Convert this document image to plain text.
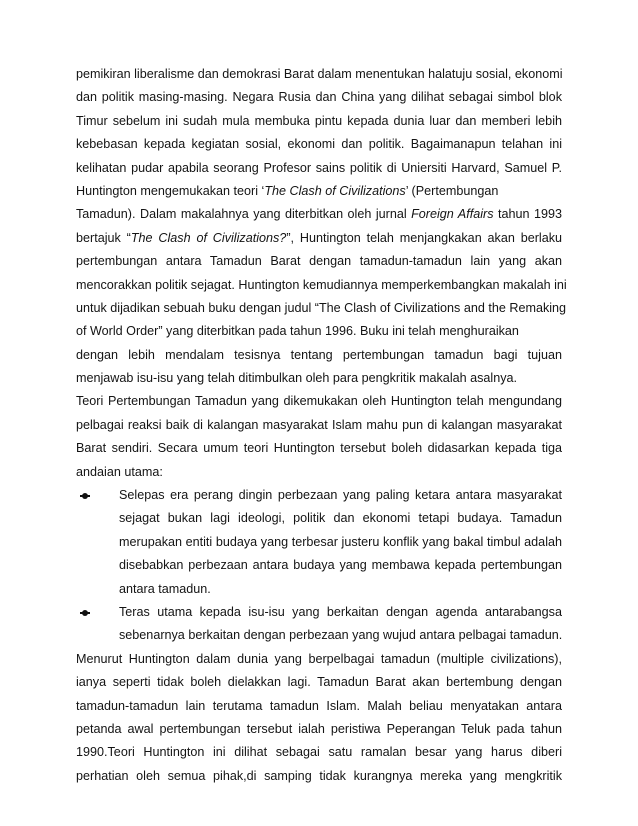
pemikiran liberalisme dan demokrasi Barat dalam menentukan halatuju sosial, ekonomi
dan politik masing-masing. Negara Rusia dan China yang dilihat sebagai simbol blok
Timur sebelum ini sudah mula membuka pintu kepada dunia luar dan memberi lebih
kebebasan kepada kegiatan sosial, ekonomi dan politik. Bagaimanapun telahan ini
kelihatan pudar apabila seorang Profesor sains politik di Uniersiti Harvard, Samuel P.
Huntington mengemukakan teori ‘The Clash of Civilizations’ (Pertembungan
Tamadun). Dalam makalahnya yang diterbitkan oleh jurnal Foreign Affairs tahun 1993
bertajuk “The Clash of Civilizations?”, Huntington telah menjangkakan akan berlaku
pertembungan antara Tamadun Barat dengan tamadun-tamadun lain yang akan
mencorakkan politik sejagat. Huntington kemudiannya memperkembangkan makalah ini
untuk dijadikan sebuah buku dengan judul “The Clash of Civilizations and the Remaking
of World Order” yang diterbitkan pada tahun 1996. Buku ini telah menghuraikan
dengan lebih mendalam tesisnya tentang pertembungan tamadun bagi tujuan
menjawab isu-isu yang telah ditimbulkan oleh para pengkritik makalah asalnya.
Teori Pertembungan Tamadun yang dikemukakan oleh Huntington telah mengundang
pelbagai reaksi baik di kalangan masyarakat Islam mahu pun di kalangan masyarakat
Barat sendiri. Secara umum teori Huntington tersebut boleh didasarkan kepada tiga
andaian utama:
Selepas era perang dingin perbezaan yang paling ketara antara masyarakat
sejagat bukan lagi ideologi, politik dan ekonomi tetapi budaya. Tamadun
merupakan entiti budaya yang terbesar justeru konflik yang bakal timbul adalah
disebabkan perbezaan antara budaya yang membawa kepada pertembungan
antara tamadun.
Teras utama kepada isu-isu yang berkaitan dengan agenda antarabangsa
sebenarnya berkaitan dengan perbezaan yang wujud antara pelbagai tamadun.
Menurut Huntington dalam dunia yang berpelbagai tamadun (multiple civilizations),
ianya seperti tidak boleh dielakkan lagi. Tamadun Barat akan bertembung dengan
tamadun-tamadun lain terutama tamadun Islam. Malah beliau menyatakan antara
petanda awal pertembungan tersebut ialah peristiwa Peperangan Teluk pada tahun
1990.Teori Huntington ini dilihat sebagai satu ramalan besar yang harus diberi
perhatian oleh semua pihak,di samping tidak kurangnya mereka yang mengkritik
